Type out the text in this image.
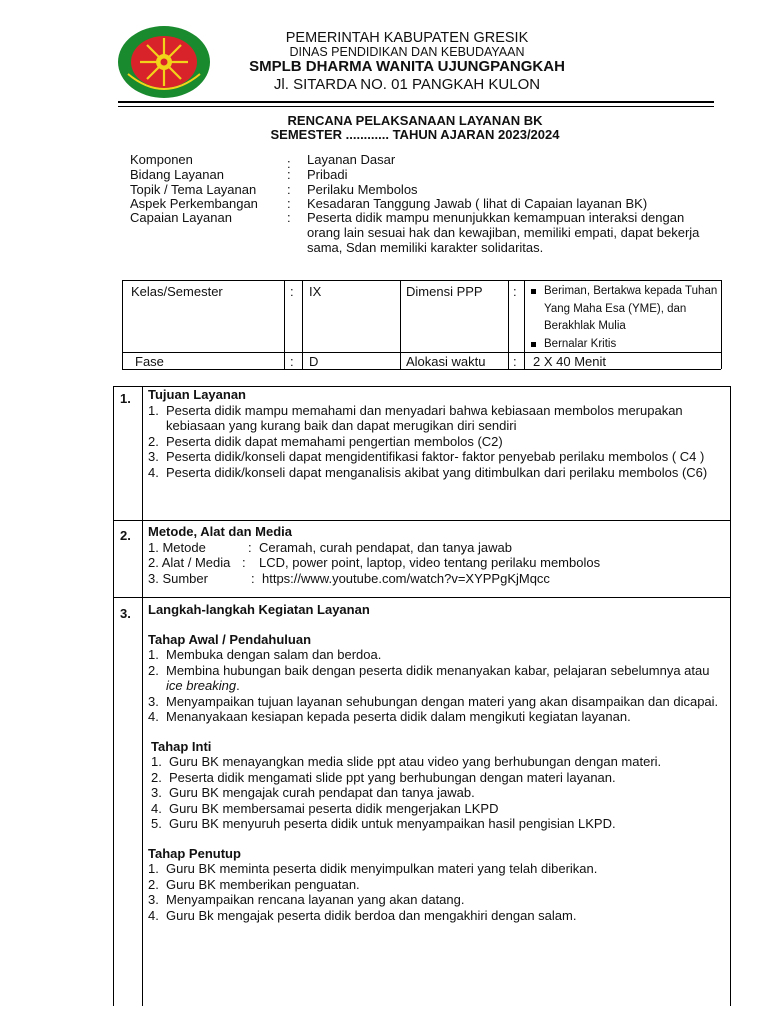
PEMERINTAH KABUPATEN GRESIK
DINAS PENDIDIKAN DAN KEBUDAYAAN
SMPLB DHARMA WANITA UJUNGPANGKAH
Jl. SITARDA NO. 01 PANGKAH KULON
RENCANA PELAKSANAAN LAYANAN BK
SEMESTER ............ TAHUN AJARAN 2023/2024
Komponen	: Layanan Dasar
Bidang Layanan	: Pribadi
Topik / Tema Layanan : Perilaku Membolos
Aspek Perkembangan : Kesadaran Tanggung Jawab ( lihat di Capaian layanan BK)
Capaian Layanan	: Peserta didik mampu menunjukkan kemampuan interaksi dengan orang lain sesuai hak dan kewajiban, memiliki empati, dapat bekerja sama, Sdan memiliki karakter solidaritas.
Kelas/Semester	: IX	Dimensi PPP :	Beriman, Bertakwa kepada Tuhan Yang Maha Esa (YME), dan Berakhlak Mulia
Bernalar Kritis
Fase	: D	Alokasi waktu : 2 X 40 Menit
1. Tujuan Layanan
1. Peserta didik mampu memahami dan menyadari bahwa kebiasaan membolos merupakan kebiasaan yang kurang baik dan dapat merugikan diri sendiri
2. Peserta didik dapat memahami pengertian membolos (C2)
3. Peserta didik/konseli dapat mengidentifikasi faktor- faktor penyebab perilaku membolos ( C4 )
4. Peserta didik/konseli dapat menganalisis akibat yang ditimbulkan dari perilaku membolos (C6)
2. Metode, Alat dan Media
1. Metode	: Ceramah, curah pendapat, dan tanya jawab
2. Alat / Media : LCD, power point, laptop, video tentang perilaku membolos
3. Sumber	: https://www.youtube.com/watch?v=XYPPgKjMqcc
3. Langkah-langkah Kegiatan Layanan
Tahap Awal / Pendahuluan
1. Membuka dengan salam dan berdoa.
2. Membina hubungan baik dengan peserta didik menanyakan kabar, pelajaran sebelumnya atau ice breaking.
3. Menyampaikan tujuan layanan sehubungan dengan materi yang akan disampaikan dan dicapai.
4. Menanyakaan kesiapan kepada peserta didik dalam mengikuti kegiatan layanan.
Tahap Inti
1. Guru BK menayangkan media slide ppt atau video yang berhubungan dengan materi.
2. Peserta didik mengamati slide ppt yang berhubungan dengan materi layanan.
3. Guru BK mengajak curah pendapat dan tanya jawab.
4. Guru BK membersamai peserta didik mengerjakan LKPD
5. Guru BK menyuruh peserta didik untuk menyampaikan hasil pengisian LKPD.
Tahap Penutup
1. Guru BK meminta peserta didik menyimpulkan materi yang telah diberikan.
2. Guru BK memberikan penguatan.
3. Menyampaikan rencana layanan yang akan datang.
4. Guru Bk mengajak peserta didik berdoa dan mengakhiri dengan salam.
